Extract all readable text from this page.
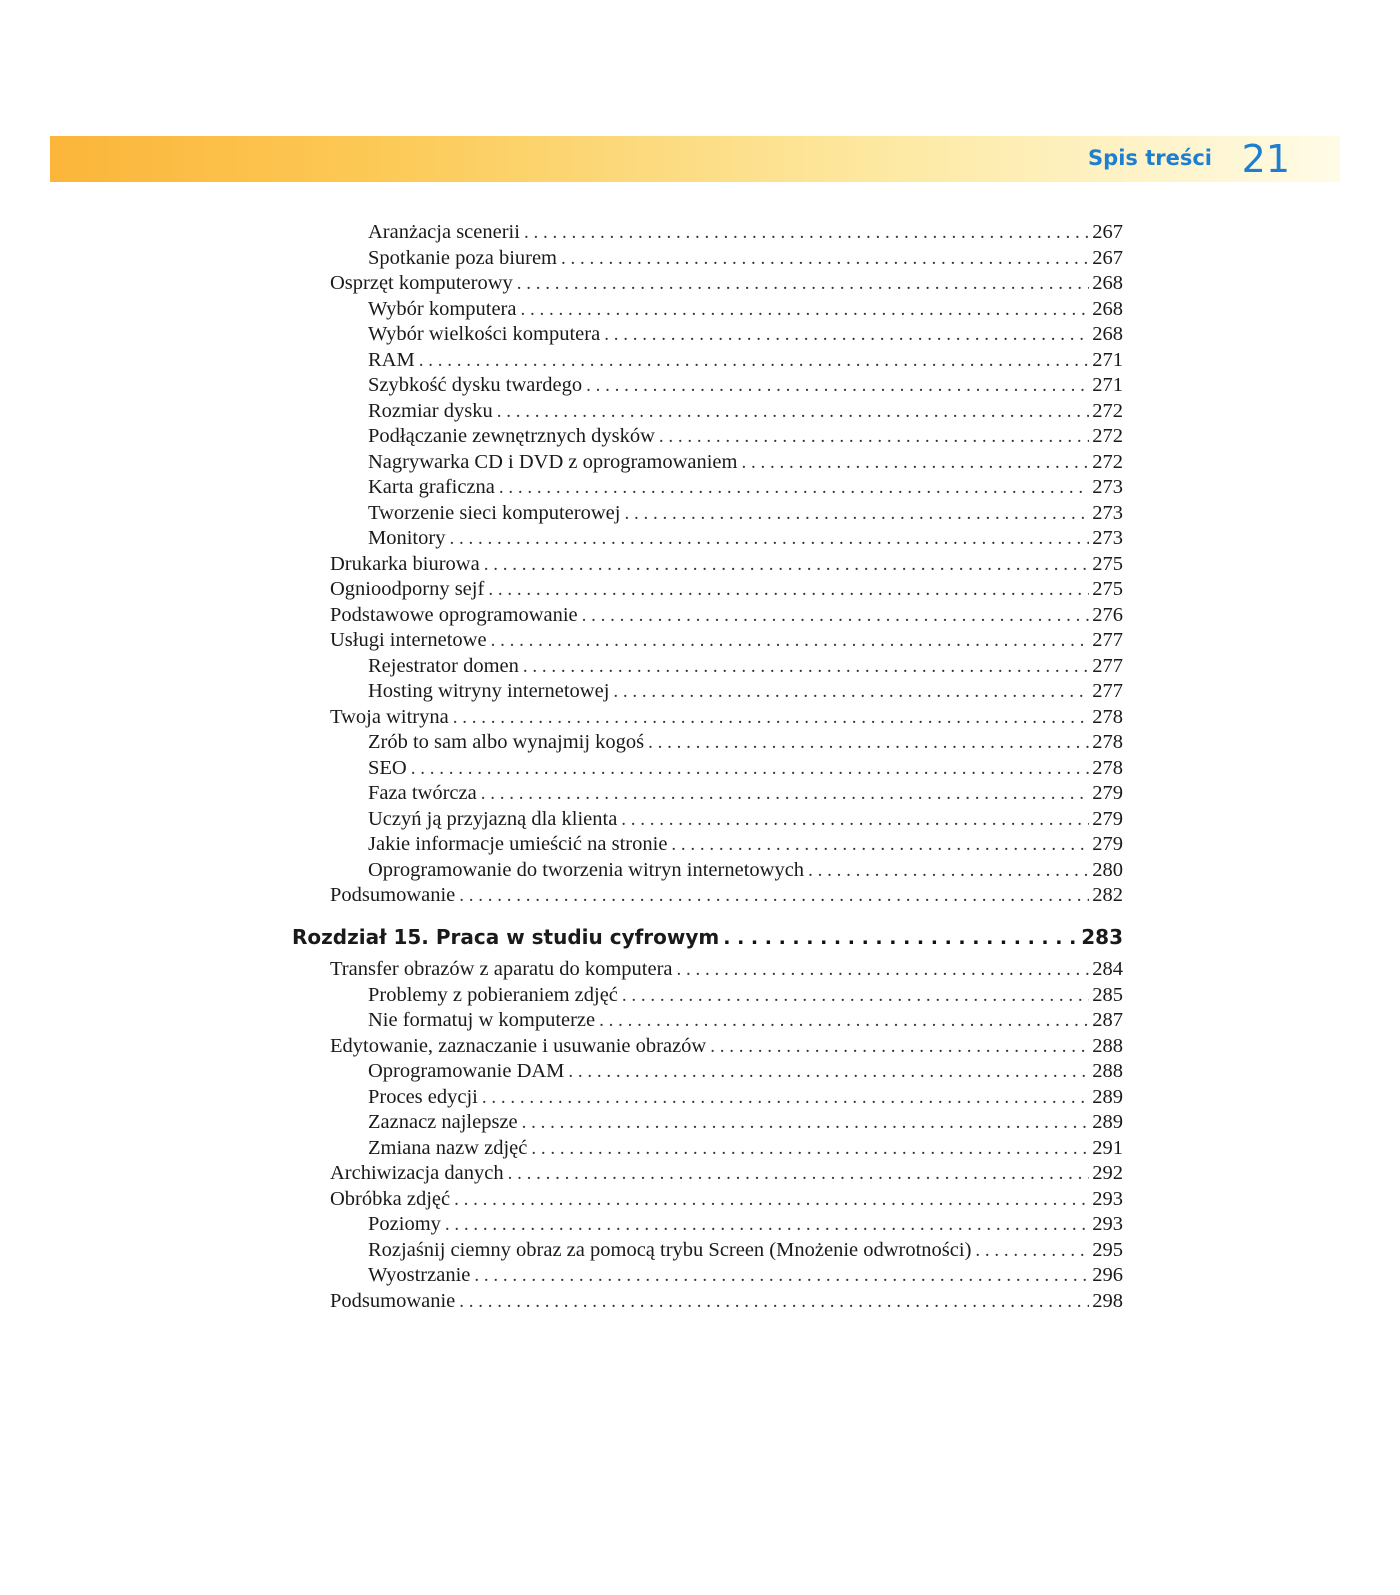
Spis treści 21
Aranżacja scenerii . . .	267
Spotkanie poza biurem . . .	267
Osprzęt komputerowy . . .	268
Wybór komputera . . .	268
Wybór wielkości komputera . . .	268
RAM . . .	271
Szybkość dysku twardego . . .	271
Rozmiar dysku . . .	272
Podłączanie zewnętrznych dysków . . .	272
Nagrywarka CD i DVD z oprogramowaniem . . .	272
Karta graficzna . . .	273
Tworzenie sieci komputerowej . . .	273
Monitory . . .	273
Drukarka biurowa . . .	275
Ognioodporny sejf . . .	275
Podstawowe oprogramowanie . . .	276
Usługi internetowe . . .	277
Rejestrator domen . . .	277
Hosting witryny internetowej . . .	277
Twoja witryna . . .	278
Zrób to sam albo wynajmij kogoś . . .	278
SEO . . .	278
Faza twórcza . . .	279
Uczyń ją przyjazną dla klienta . . .	279
Jakie informacje umieścić na stronie . . .	279
Oprogramowanie do tworzenia witryn internetowych . . .	280
Podsumowanie . . .	282
Rozdział 15. Praca w studiu cyfrowym . . .	283
Transfer obrazów z aparatu do komputera . . .	284
Problemy z pobieraniem zdjęć . . .	285
Nie formatuj w komputerze . . .	287
Edytowanie, zaznaczanie i usuwanie obrazów . . .	288
Oprogramowanie DAM . . .	288
Proces edycji . . .	289
Zaznacz najlepsze . . .	289
Zmiana nazw zdjęć . . .	291
Archiwizacja danych . . .	292
Obróbka zdjęć . . .	293
Poziomy . . .	293
Rozjaśnij ciemny obraz za pomocą trybu Screen (Mnożenie odwrotności) . . .	295
Wyostrzanie . . .	296
Podsumowanie . . .	298
